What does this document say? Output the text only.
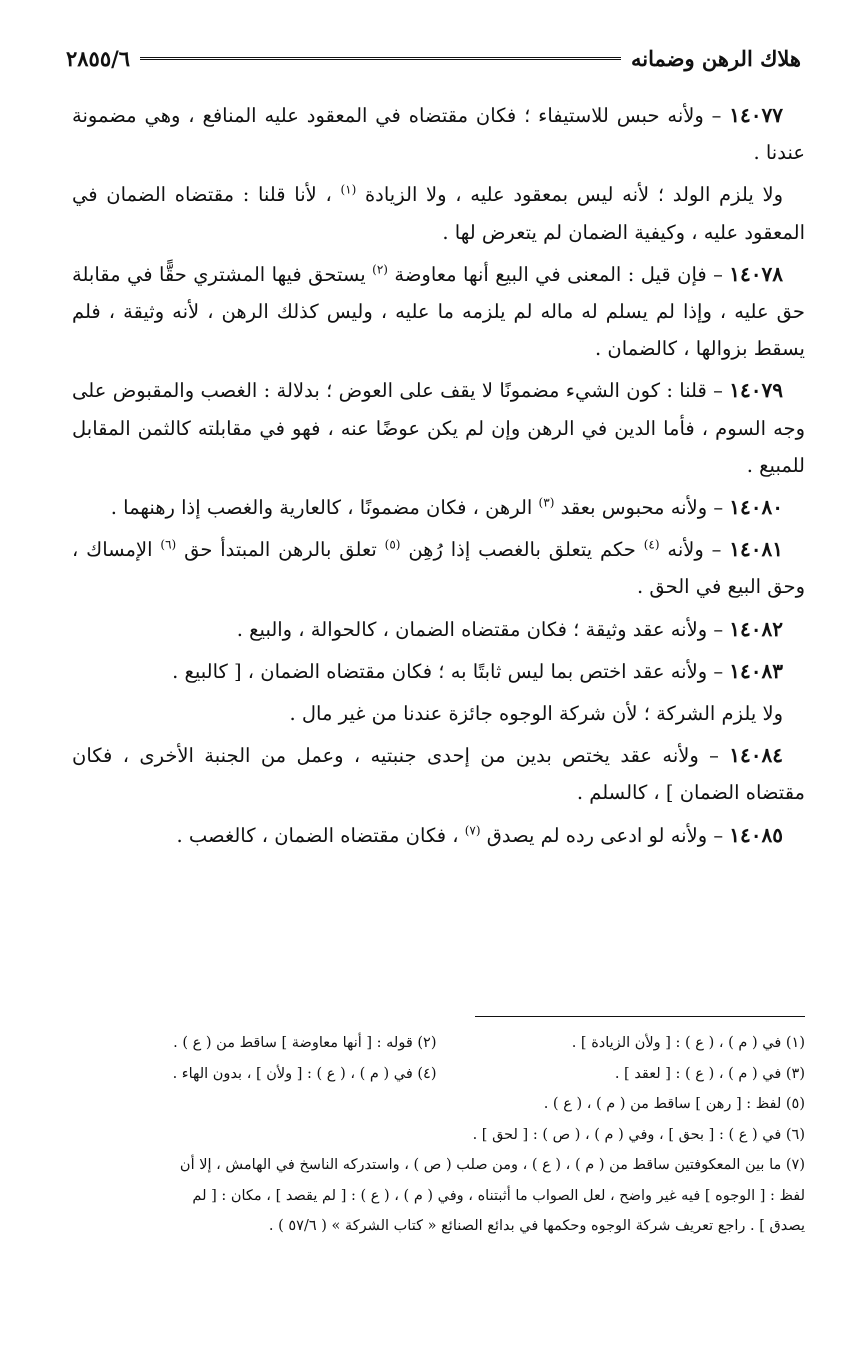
هلاك الرهن وضمانه
٢٨٥٥/٦

١٤٠٧٧ – ولأنه حبس للاستيفاء ؛ فكان مقتضاه في المعقود عليه المنافع ، وهي مضمونة عندنا .

ولا يلزم الولد ؛ لأنه ليس بمعقود عليه ، ولا الزيادة $^{(١)}$ ، لأنا قلنا : مقتضاه الضمان في المعقود عليه ، وكيفية الضمان لم يتعرض لها .

١٤٠٧٨ – فإن قيل : المعنى في البيع أنها معاوضة $^{(٢)}$ يستحق فيها المشتري حقًّا في مقابلة حق عليه ، وإذا لم يسلم له ماله لم يلزمه ما عليه ، وليس كذلك الرهن ، لأنه وثيقة ، فلم يسقط بزوالها ، كالضمان .

١٤٠٧٩ – قلنا : كون الشيء مضمونًا لا يقف على العوض ؛ بدلالة : الغصب والمقبوض على وجه السوم ، فأما الدين في الرهن وإن لم يكن عوضًا عنه ، فهو في مقابلته كالثمن المقابل للمبيع .

١٤٠٨٠ – ولأنه محبوس بعقد $^{(٣)}$ الرهن ، فكان مضمونًا ، كالعارية والغصب إذا رهنهما .

١٤٠٨١ – ولأنه $^{(٤)}$ حكم يتعلق بالغصب إذا رُهِن $^{(٥)}$ تعلق بالرهن المبتدأ حق $^{(٦)}$ الإمساك ، وحق البيع في الحق .

١٤٠٨٢ – ولأنه عقد وثيقة ؛ فكان مقتضاه الضمان ، كالحوالة ، والبيع .

١٤٠٨٣ – ولأنه عقد اختص بما ليس ثابتًا به ؛ فكان مقتضاه الضمان ، [ كالبيع .

ولا يلزم الشركة ؛ لأن شركة الوجوه جائزة عندنا من غير مال .

١٤٠٨٤ – ولأنه عقد يختص بدين من إحدى جنبتيه ، وعمل من الجنبة الأخرى ، فكان مقتضاه الضمان ] ، كالسلم .

١٤٠٨٥ – ولأنه لو ادعى رده لم يصدق $^{(٧)}$ ، فكان مقتضاه الضمان ، كالغصب .

(١) في ( م ) ، ( ع ) : [ ولأن الزيادة ] .
(٢) قوله : [ أنها معاوضة ] ساقط من ( ع ) .
(٣) في ( م ) ، ( ع ) : [ لعقد ] .
(٤) في ( م ) ، ( ع ) : [ ولأن ] ، بدون الهاء .
(٥) لفظ : [ رهن ] ساقط من ( م ) ، ( ع ) .
(٦) في ( ع ) : [ بحق ] ، وفي ( م ) ، ( ص ) : [ لحق ] .
(٧) ما بين المعكوفتين ساقط من ( م ) ، ( ع ) ، ومن صلب ( ص ) ، واستدركه الناسخ في الهامش ، إلا أن
لفظ : [ الوجوه ] فيه غير واضح ، لعل الصواب ما أثبتناه ، وفي ( م ) ، ( ع ) : [ لم يقصد ] ، مكان : [ لم
يصدق ] . راجع تعريف شركة الوجوه وحكمها في بدائع الصنائع « كتاب الشركة » ( ٥٧/٦ ) .
